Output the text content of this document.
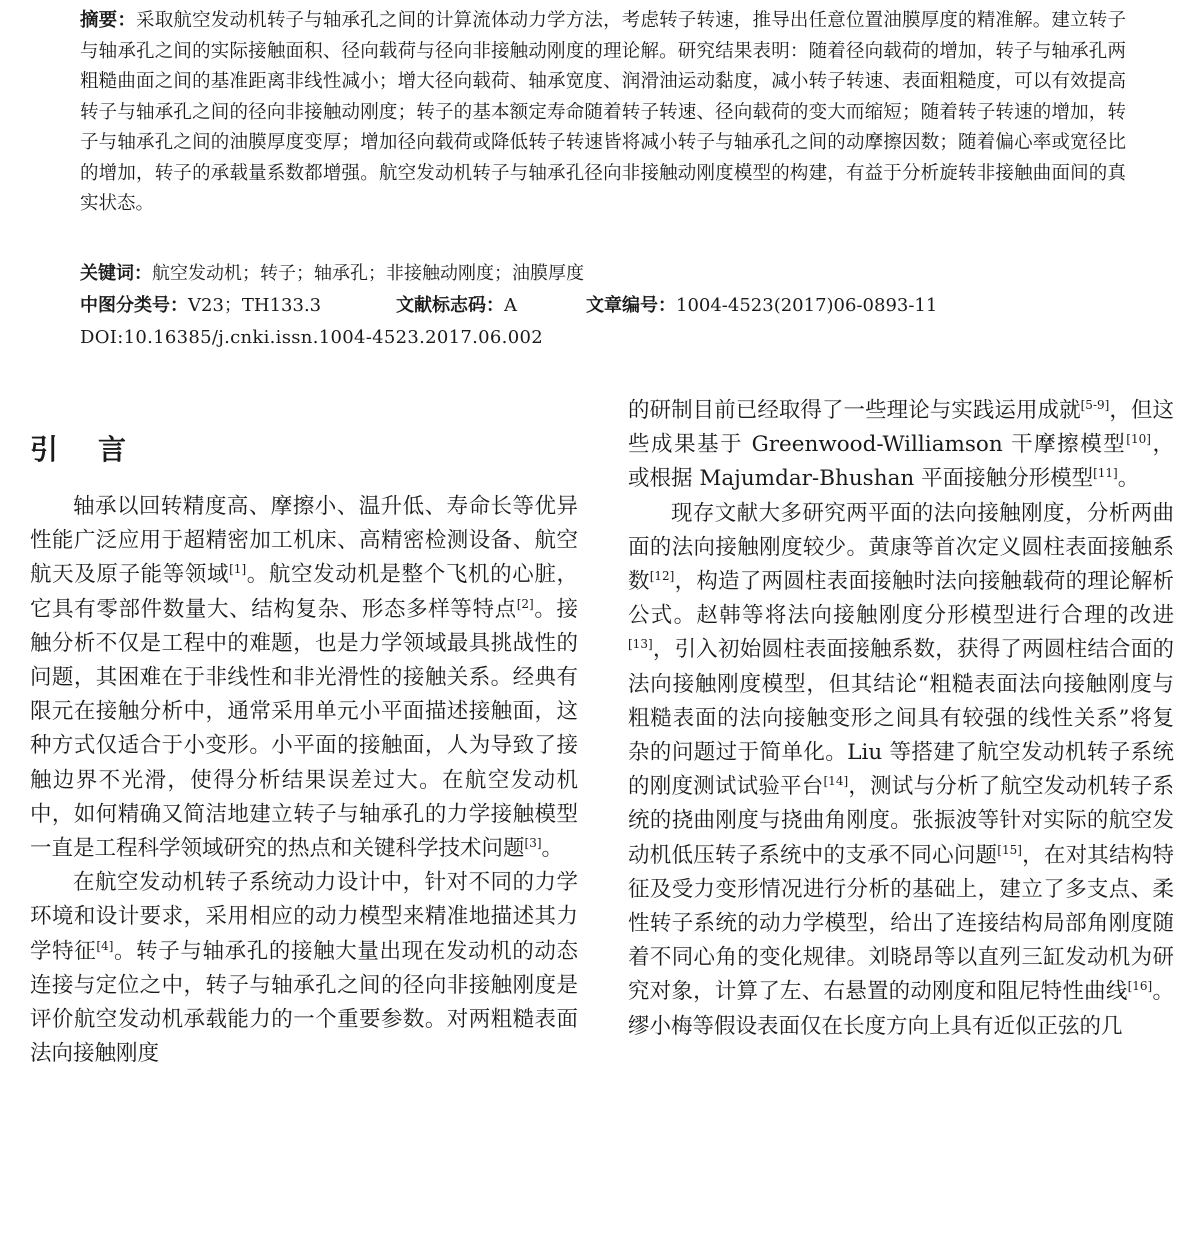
摘要：采取航空发动机转子与轴承孔之间的计算流体动力学方法，考虑转子转速，推导出任意位置油膜厚度的精准解。建立转子与轴承孔之间的实际接触面积、径向载荷与径向非接触动刚度的理论解。研究结果表明：随着径向载荷的增加，转子与轴承孔两粗糙曲面之间的基准距离非线性减小；增大径向载荷、轴承宽度、润滑油运动黏度，减小转子转速、表面粗糙度，可以有效提高转子与轴承孔之间的径向非接触动刚度；转子的基本额定寿命随着转子转速、径向载荷的变大而缩短；随着转子转速的增加，转子与轴承孔之间的油膜厚度变厚；增加径向载荷或降低转子转速皆将减小转子与轴承孔之间的动摩擦因数；随着偏心率或宽径比的增加，转子的承载量系数都增强。航空发动机转子与轴承孔径向非接触动刚度模型的构建，有益于分析旋转非接触曲面间的真实状态。
关键词：航空发动机；转子；轴承孔；非接触动刚度；油膜厚度
中图分类号：V23；TH133.3	文献标志码：A	文章编号：1004-4523(2017)06-0893-11
DOI:10.16385/j.cnki.issn.1004-4523.2017.06.002
引言

轴承以回转精度高、摩擦小、温升低、寿命长等优异性能广泛应用于超精密加工机床、高精密检测设备、航空航天及原子能等领域[1]。航空发动机是整个飞机的心脏，它具有零部件数量大、结构复杂、形态多样等特点[2]。接触分析不仅是工程中的难题，也是力学领域最具挑战性的问题，其困难在于非线性和非光滑性的接触关系。经典有限元在接触分析中，通常采用单元小平面描述接触面，这种方式仅适合于小变形。小平面的接触面，人为导致了接触边界不光滑，使得分析结果误差过大。在航空发动机中，如何精确又简洁地建立转子与轴承孔的力学接触模型一直是工程科学领域研究的热点和关键科学技术问题[3]。

在航空发动机转子系统动力设计中，针对不同的力学环境和设计要求，采用相应的动力模型来精准地描述其力学特征[4]。转子与轴承孔的接触大量出现在发动机的动态连接与定位之中，转子与轴承孔之间的径向非接触刚度是评价航空发动机承载能力的一个重要参数。对两粗糙表面法向接触刚度

的研制目前已经取得了一些理论与实践运用成就[5-9]，但这些成果基于 Greenwood-Williamson 干摩擦模型[10]，或根据 Majumdar-Bhushan 平面接触分形模型[11]。

现存文献大多研究两平面的法向接触刚度，分析两曲面的法向接触刚度较少。黄康等首次定义圆柱表面接触系数[12]，构造了两圆柱表面接触时法向接触载荷的理论解析公式。赵韩等将法向接触刚度分形模型进行合理的改进[13]，引入初始圆柱表面接触系数，获得了两圆柱结合面的法向接触刚度模型，但其结论“粗糙表面法向接触刚度与粗糙表面的法向接触变形之间具有较强的线性关系”将复杂的问题过于简单化。Liu 等搭建了航空发动机转子系统的刚度测试试验平台[14]，测试与分析了航空发动机转子系统的挠曲刚度与挠曲角刚度。张振波等针对实际的航空发动机低压转子系统中的支承不同心问题[15]，在对其结构特征及受力变形情况进行分析的基础上，建立了多支点、柔性转子系统的动力学模型，给出了连接结构局部角刚度随着不同心角的变化规律。刘晓昂等以直列三缸发动机为研究对象，计算了左、右悬置的动刚度和阻尼特性曲线[16]。缪小梅等假设表面仅在长度方向上具有近似正弦的几
